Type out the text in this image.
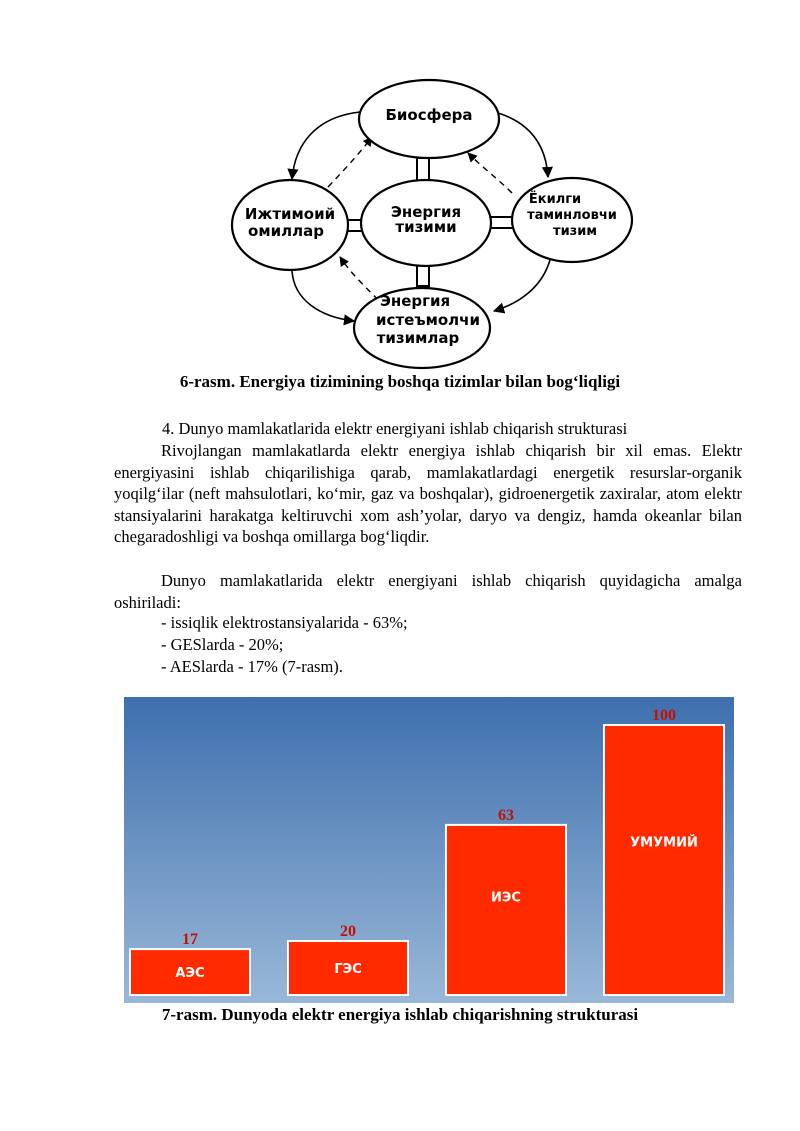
Биосфера
Ижтимоий
омиллар
Энергия
тизими
Ёкилги
таминловчи
тизим
Энергия
истеъмолчи
тизимлар
6-rasm. Energiya tizimining boshqa tizimlar bilan bog‘liqligi
4. Dunyo mamlakatlarida elektr energiyani ishlab chiqarish strukturasi
Rivojlangan mamlakatlarda elektr energiya ishlab chiqarish bir xil emas. Elektr energiyasini ishlab chiqarilishiga qarab, mamlakatlardagi energetik resurslar-organik yoqilg‘ilar (neft mahsulotlari, ko‘mir, gaz va boshqalar), gidroenergetik zaxiralar, atom elektr stansiyalarini harakatga keltiruvchi xom ash’yolar, daryo va dengiz, hamda okeanlar bilan chegaradoshligi va boshqa omillarga bog‘liqdir.
Dunyo mamlakatlarida elektr energiyani ishlab chiqarish quyidagicha amalga oshiriladi:
- issiqlik elektrostansiyalarida - 63%;
- GESlarda - 20%;
- AESlarda - 17% (7-rasm).
17
АЭС
20
ГЭС
63
ИЭС
100
УМУМИЙ
7-rasm. Dunyoda elektr energiya ishlab chiqarishning strukturasi
